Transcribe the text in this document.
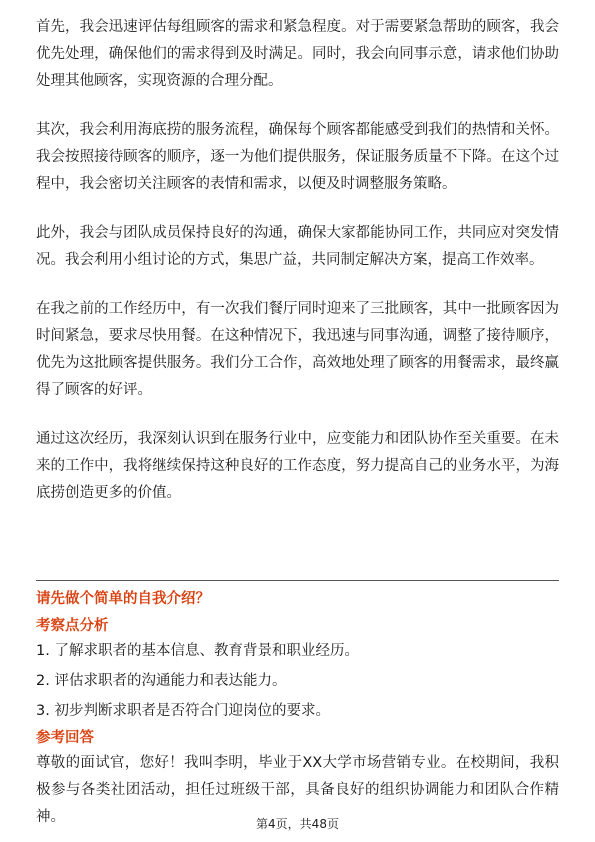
首先，我会迅速评估每组顾客的需求和紧急程度。对于需要紧急帮助的顾客，我会优先处理，确保他们的需求得到及时满足。同时，我会向同事示意，请求他们协助处理其他顾客，实现资源的合理分配。

其次，我会利用海底捞的服务流程，确保每个顾客都能感受到我们的热情和关怀。我会按照接待顾客的顺序，逐一为他们提供服务，保证服务质量不下降。在这个过程中，我会密切关注顾客的表情和需求，以便及时调整服务策略。

此外，我会与团队成员保持良好的沟通，确保大家都能协同工作，共同应对突发情况。我会利用小组讨论的方式，集思广益，共同制定解决方案，提高工作效率。

在我之前的工作经历中，有一次我们餐厅同时迎来了三批顾客，其中一批顾客因为时间紧急，要求尽快用餐。在这种情况下，我迅速与同事沟通，调整了接待顺序，优先为这批顾客提供服务。我们分工合作，高效地处理了顾客的用餐需求，最终赢得了顾客的好评。

通过这次经历，我深刻认识到在服务行业中，应变能力和团队协作至关重要。在未来的工作中，我将继续保持这种良好的工作态度，努力提高自己的业务水平，为海底捞创造更多的价值。

请先做个简单的自我介绍？

考察点分析

1. 了解求职者的基本信息、教育背景和职业经历。

2. 评估求职者的沟通能力和表达能力。

3. 初步判断求职者是否符合门迎岗位的要求。

参考回答

尊敬的面试官，您好！我叫李明，毕业于XX大学市场营销专业。在校期间，我积极参与各类社团活动，担任过班级干部，具备良好的组织协调能力和团队合作精神。	第4页，共48页
